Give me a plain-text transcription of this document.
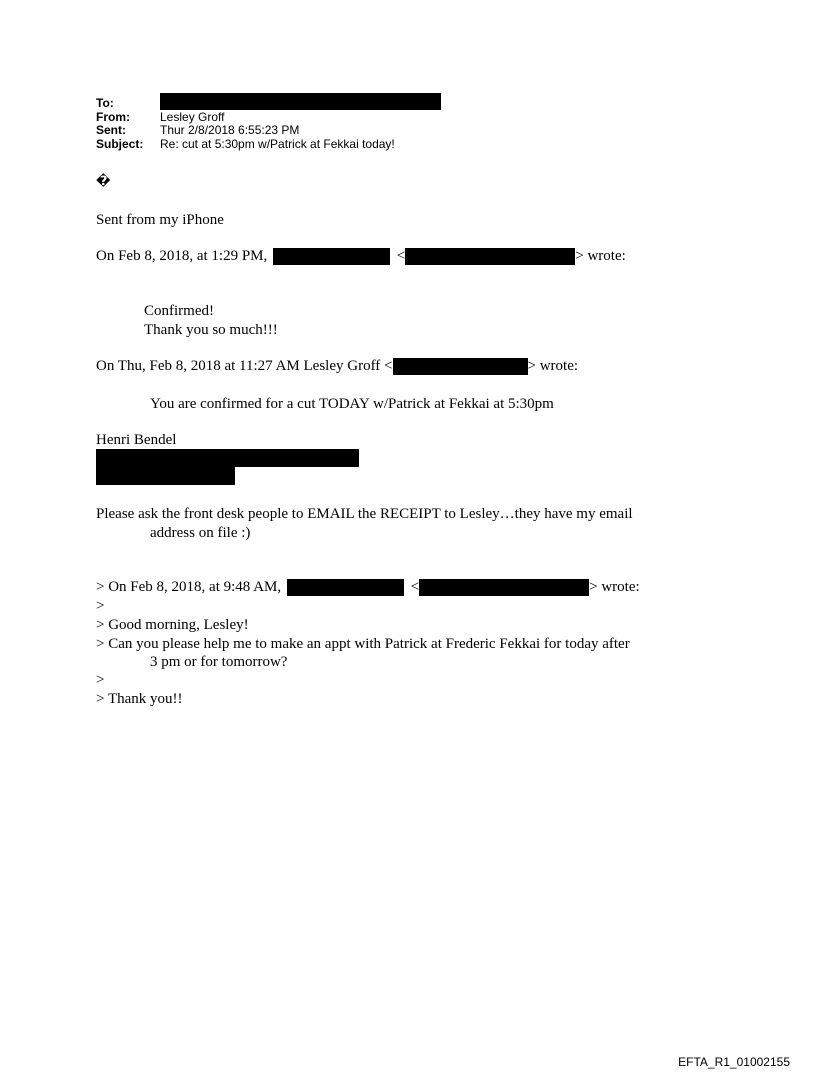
To:
From:	Lesley Groff
Sent:	Thur 2/8/2018 6:55:23 PM
Subject:	Re: cut at 5:30pm w/Patrick at Fekkai today!
�
Sent from my iPhone
On Feb 8, 2018, at 1:29 PM,	<	> wrote:
Confirmed!
Thank you so much!!!
On Thu, Feb 8, 2018 at 11:27 AM Lesley Groff <	> wrote:
You are confirmed for a cut TODAY w/Patrick at Fekkai at 5:30pm
Henri Bendel
Please ask the front desk people to EMAIL the RECEIPT to Lesley…they have my email
address on file :)
> On Feb 8, 2018, at 9:48 AM,	<	> wrote:
>
> Good morning, Lesley!
> Can you please help me to make an appt with Patrick at Frederic Fekkai for today after
3 pm or for tomorrow?
>
> Thank you!!
EFTA_R1_01002155
